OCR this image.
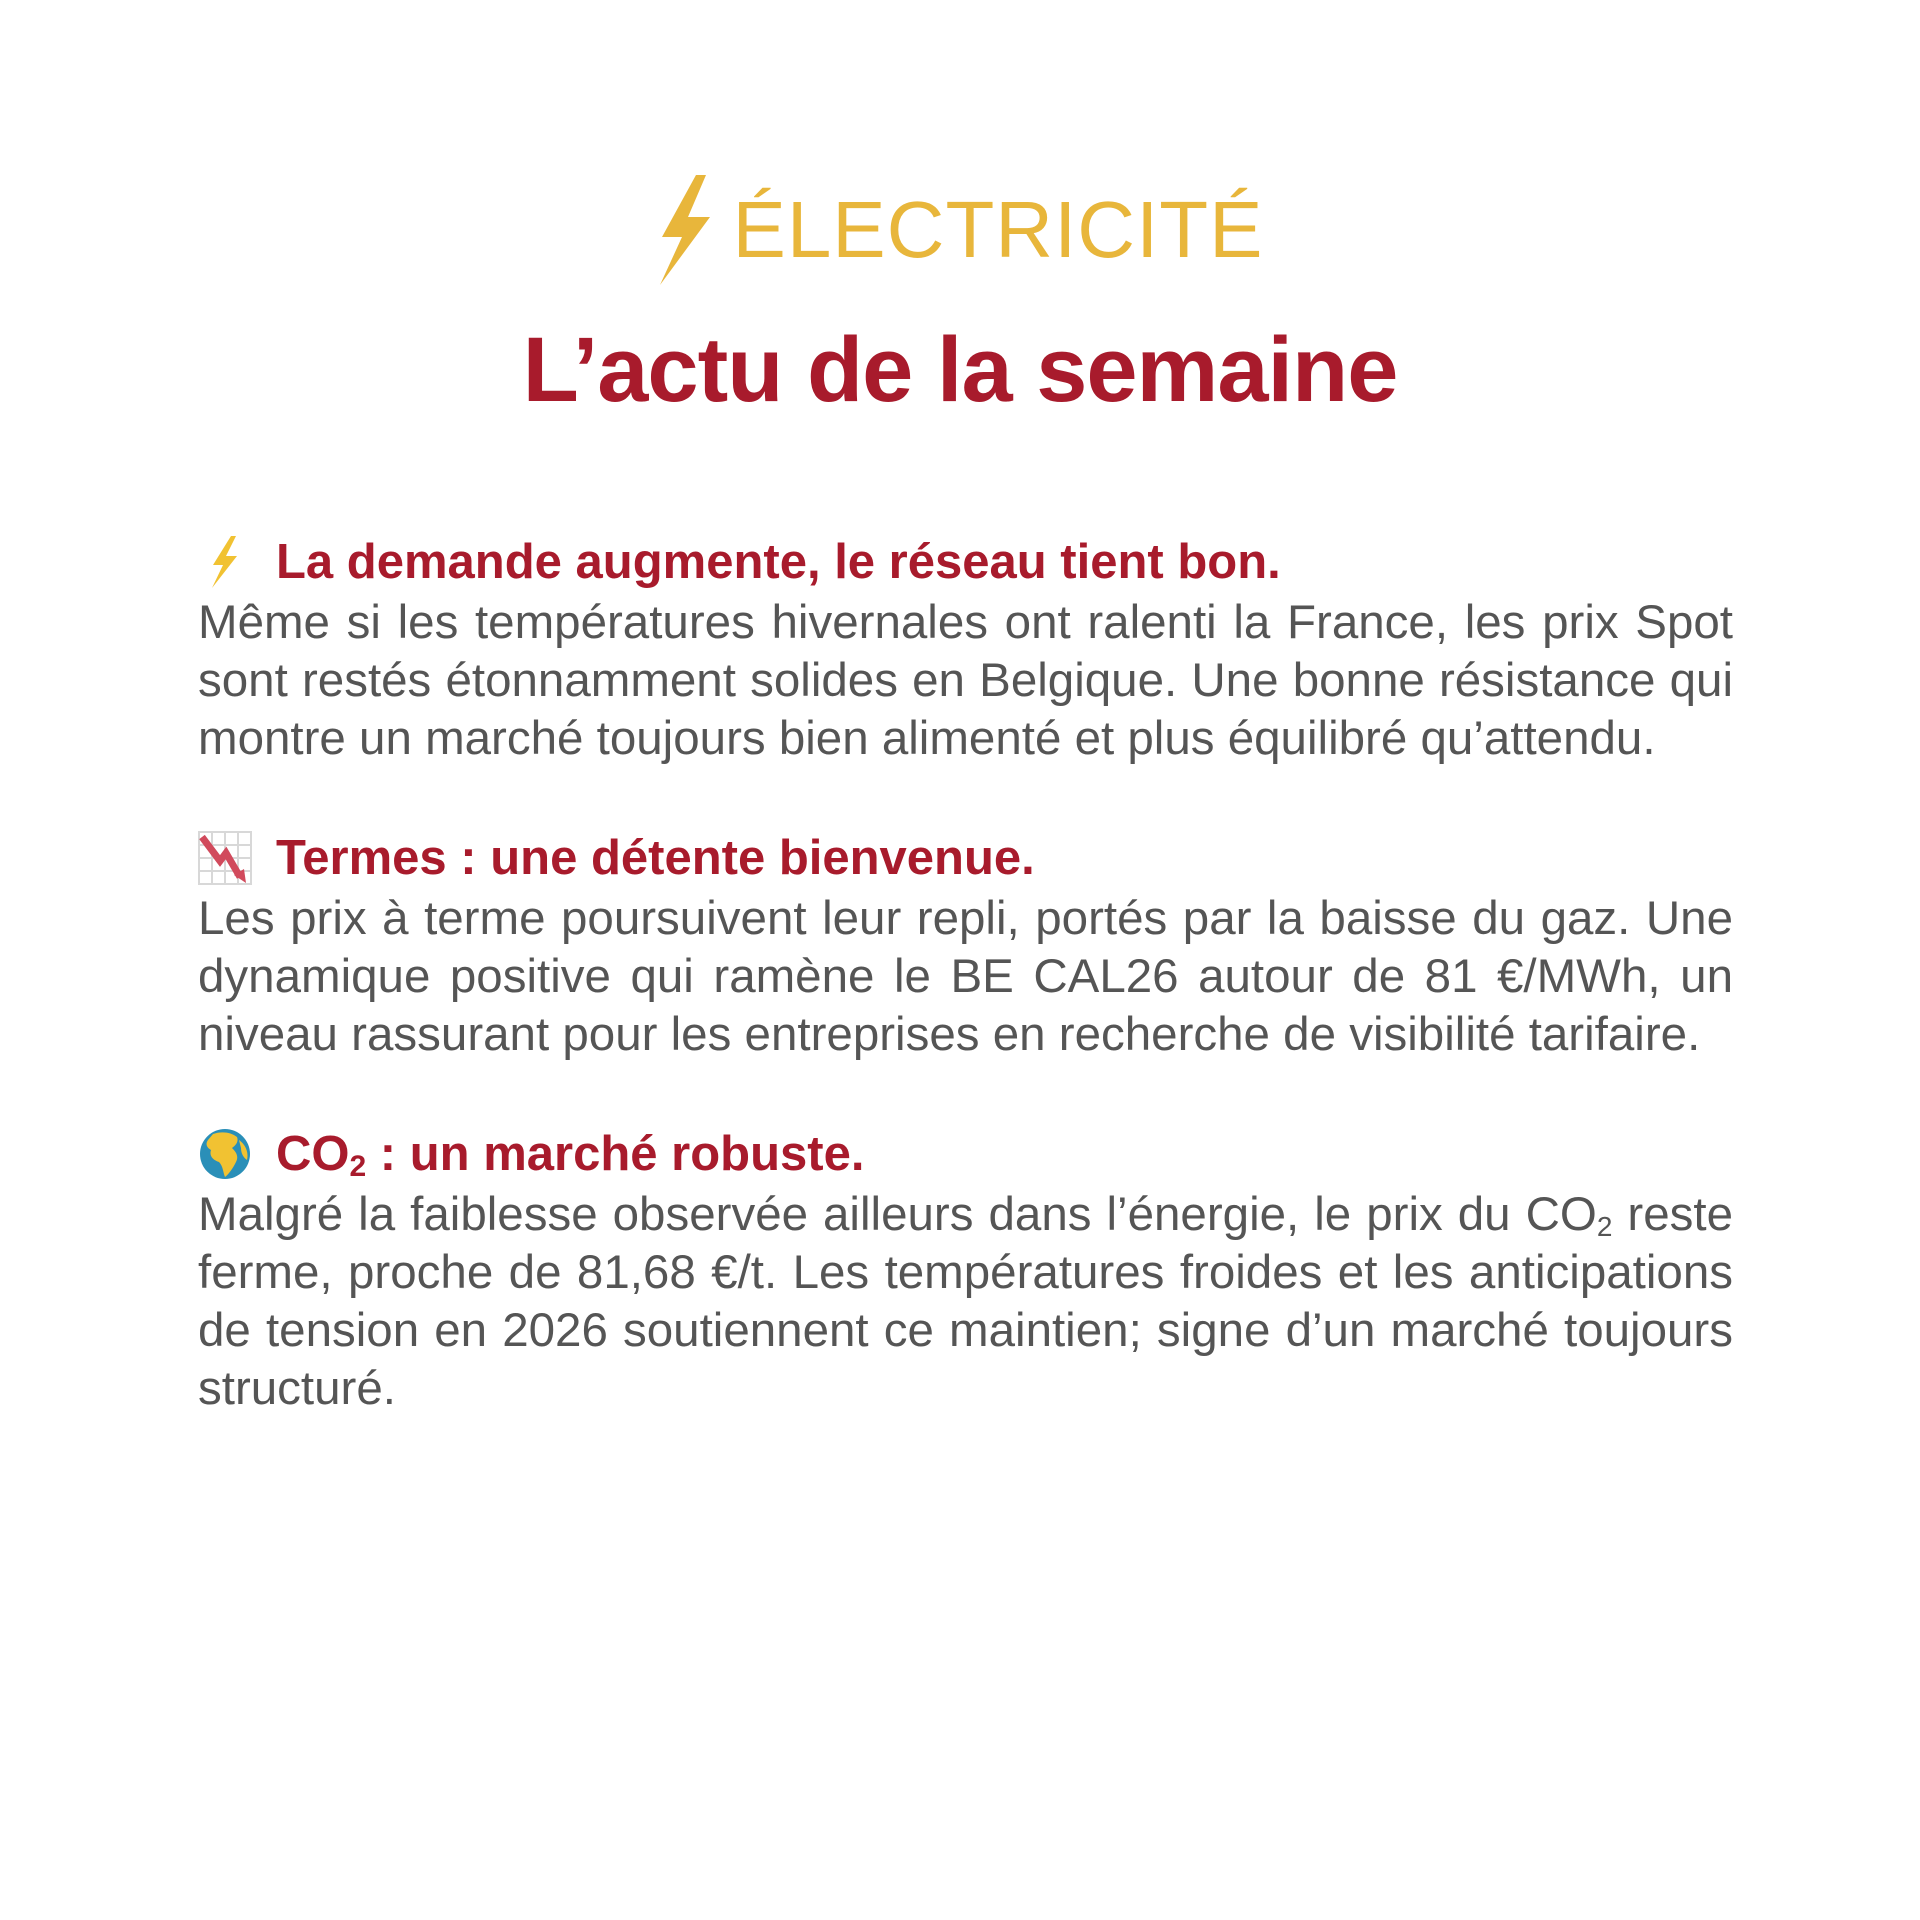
ÉLECTRICITÉ
L’actu de la semaine
La demande augmente, le réseau tient bon.

Même si les températures hivernales ont ralenti la France, les prix Spot sont restés étonnamment solides en Belgique. Une bonne résistance qui montre un marché toujours bien alimenté et plus équilibré qu’attendu.

Termes : une détente bienvenue.

Les prix à terme poursuivent leur repli, portés par la baisse du gaz. Une dynamique positive qui ramène le BE CAL26 autour de 81 €/MWh, un niveau rassurant pour les entreprises en recherche de visibilité tarifaire.

$CO_2$ : un marché robuste.

Malgré la faiblesse observée ailleurs dans l’énergie, le prix du CO2 reste ferme, proche de 81,68 €/t. Les températures froides et les anticipations de tension en 2026 soutiennent ce maintien; signe d’un marché toujours structuré.
